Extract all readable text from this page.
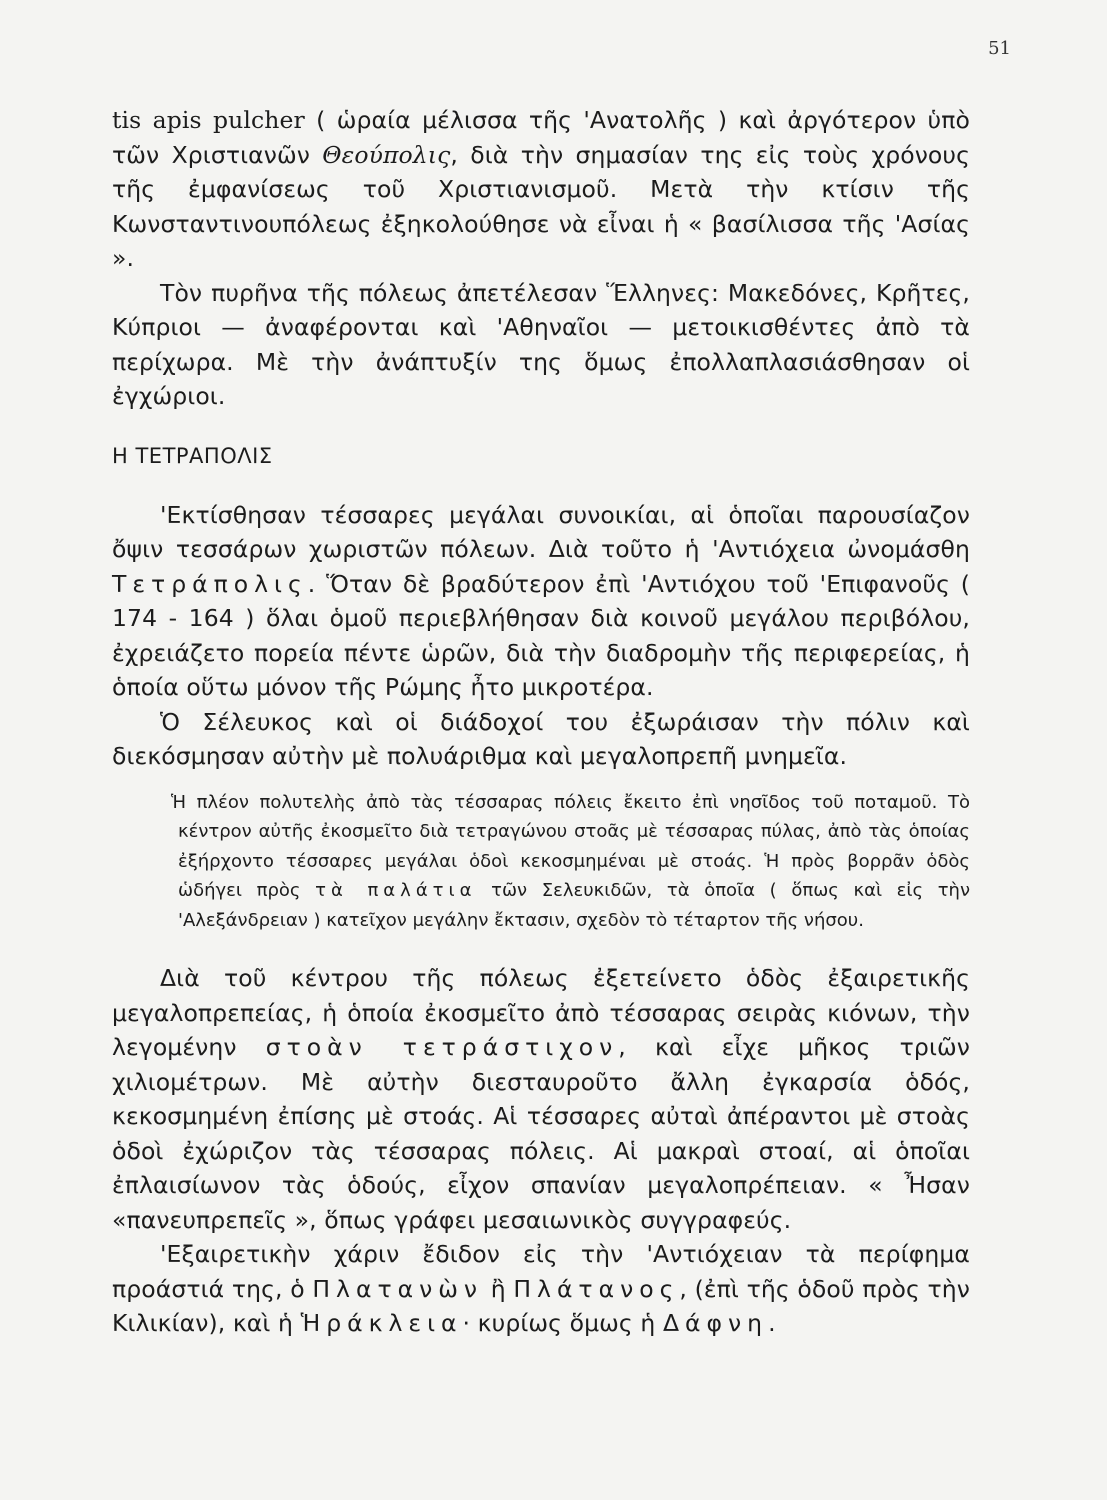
51

tis apis pulcher ( ὡραία μέλισσα τῆς 'Ανατολῆς ) καὶ ἀργότερον ὑπὸ τῶν Χριστιανῶν Θεούπολις, διὰ τὴν σημασίαν της εἰς τοὺς χρόνους τῆς ἐμφανίσεως τοῦ Χριστιανισμοῦ. Μετὰ τὴν κτίσιν τῆς Κωνσταντινουπόλεως ἐξηκολούθησε νὰ εἶναι ἡ « βασίλισσα τῆς 'Ασίας ».

Τὸν πυρῆνα τῆς πόλεως ἀπετέλεσαν Ἕλληνες: Μακεδόνες, Κρῆτες, Κύπριοι — ἀναφέρονται καὶ 'Αθηναῖοι — μετοικισθέντες ἀπὸ τὰ περίχωρα. Μὲ τὴν ἀνάπτυξίν της ὅμως ἐπολλαπλασιάσθησαν οἱ ἐγχώριοι.

Η ΤΕΤΡΑΠΟΛΙΣ

'Εκτίσθησαν τέσσαρες μεγάλαι συνοικίαι, αἱ ὁποῖαι παρουσίαζον ὄψιν τεσσάρων χωριστῶν πόλεων. Διὰ τοῦτο ἡ 'Αντιόχεια ὠνομάσθη Τετράπολις. Ὅταν δὲ βραδύτερον ἐπὶ 'Αντιόχου τοῦ 'Επιφανοῦς ( 174 - 164 ) ὅλαι ὁμοῦ περιεβλήθησαν διὰ κοινοῦ μεγάλου περιβόλου, ἐχρειάζετο πορεία πέντε ὡρῶν, διὰ τὴν διαδρομὴν τῆς περιφερείας, ἡ ὁποία οὕτω μόνον τῆς Ρώμης ἦτο μικροτέρα.

Ὁ Σέλευκος καὶ οἱ διάδοχοί του ἐξωράισαν τὴν πόλιν καὶ διεκόσμησαν αὐτὴν μὲ πολυάριθμα καὶ μεγαλοπρεπῆ μνημεῖα.

Ἡ πλέον πολυτελὴς ἀπὸ τὰς τέσσαρας πόλεις ἔκειτο ἐπὶ νησῖδος τοῦ ποταμοῦ. Τὸ κέντρον αὐτῆς ἐκοσμεῖτο διὰ τετραγώνου στοᾶς μὲ τέσσαρας πύλας, ἀπὸ τὰς ὁποίας ἐξήρχοντο τέσσαρες μεγάλαι ὁδοὶ κεκοσμημέναι μὲ στοάς. Ἡ πρὸς βορρᾶν ὁδὸς ὡδήγει πρὸς τὰ παλάτια τῶν Σελευκιδῶν, τὰ ὁποῖα ( ὅπως καὶ εἰς τὴν 'Αλεξάνδρειαν ) κατεῖχον μεγάλην ἔκτασιν, σχεδὸν τὸ τέταρτον τῆς νήσου.

Διὰ τοῦ κέντρου τῆς πόλεως ἐξετείνετο ὁδὸς ἐξαιρετικῆς μεγαλοπρεπείας, ἡ ὁποία ἐκοσμεῖτο ἀπὸ τέσσαρας σειρὰς κιόνων, τὴν λεγομένην στοὰν τετράστιχον, καὶ εἶχε μῆκος τριῶν χιλιομέτρων. Μὲ αὐτὴν διεσταυροῦτο ἄλλη ἐγκαρσία ὁδός, κεκοσμημένη ἐπίσης μὲ στοάς. Αἱ τέσσαρες αὐταὶ ἀπέραντοι μὲ στοὰς ὁδοὶ ἐχώριζον τὰς τέσσαρας πόλεις. Αἱ μακραὶ στοαί, αἱ ὁποῖαι ἐπλαισίωνον τὰς ὁδούς, εἶχον σπανίαν μεγαλοπρέπειαν. « Ἦσαν «πανευπρεπεῖς », ὅπως γράφει μεσαιωνικὸς συγγραφεύς.

'Εξαιρετικὴν χάριν ἔδιδον εἰς τὴν 'Αντιόχειαν τὰ περίφημα προάστιά της, ὁ Πλατανὼν ἢ Πλάτανος, (ἐπὶ τῆς ὁδοῦ πρὸς τὴν Κιλικίαν), καὶ ἡ Ἡράκλεια· κυρίως ὅμως ἡ Δάφνη.
